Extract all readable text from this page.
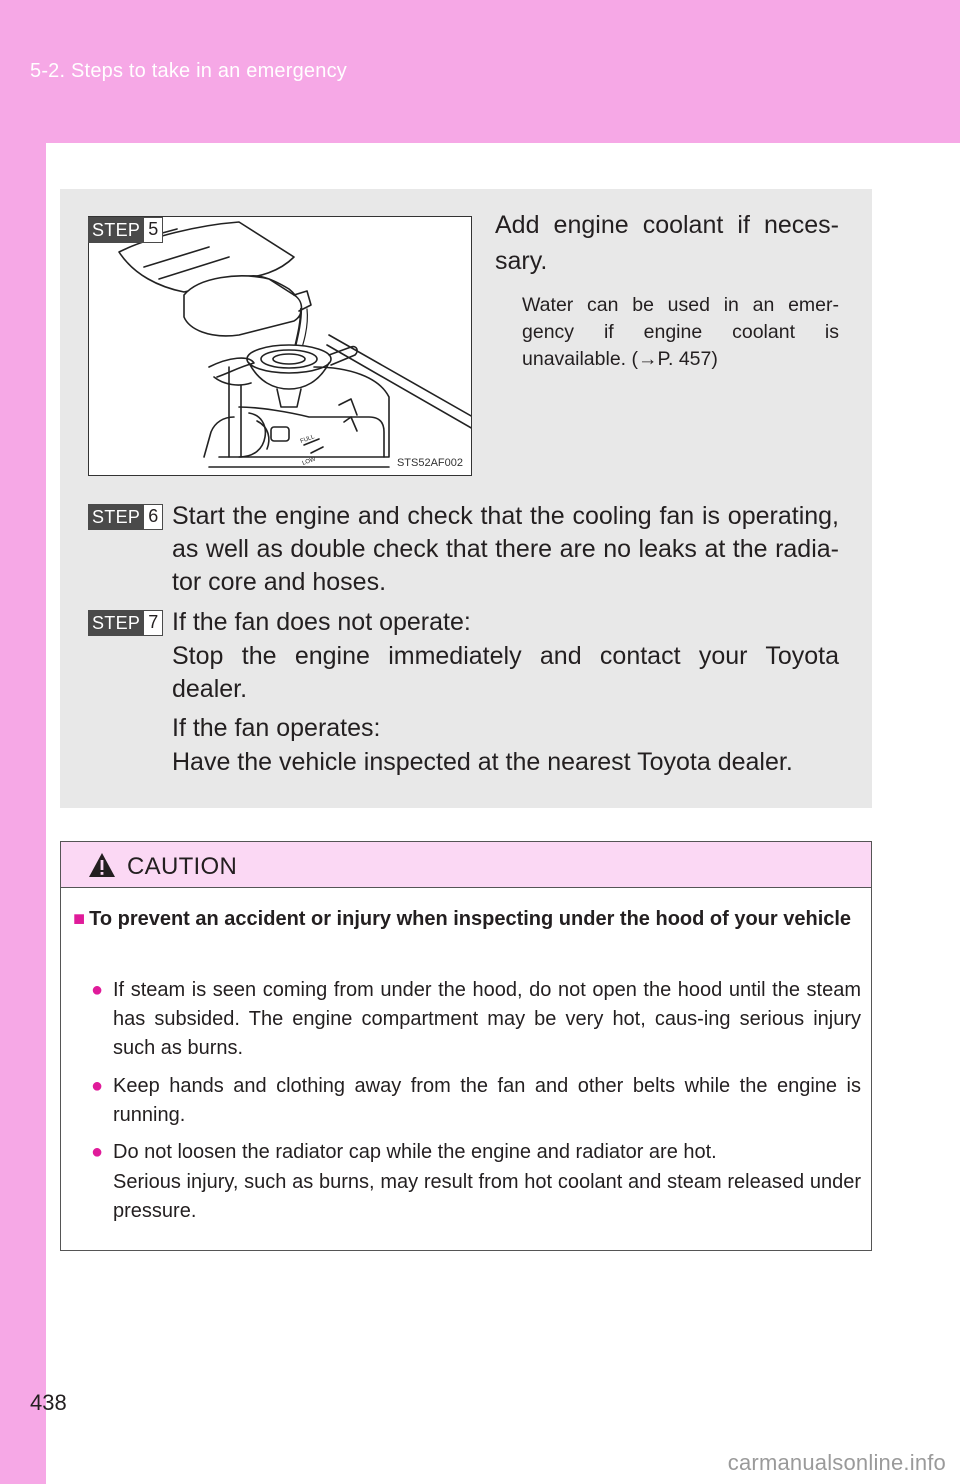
5-2. Steps to take in an emergency
FULL
LOW	STS52AF002
STEP 5	Add engine coolant if neces-sary.
Water can be used in an emer-gency if engine coolant is unavailable. (→P. 457)
STEP 6 Start the engine and check that the cooling fan is operating, as well as double check that there are no leaks at the radia-tor core and hoses.
STEP 7 If the fan does not operate:
Stop the engine immediately and contact your Toyota dealer.
If the fan operates:
Have the vehicle inspected at the nearest Toyota dealer.
CAUTION
■ To prevent an accident or injury when inspecting under the hood of your vehicle
● If steam is seen coming from under the hood, do not open the hood until the steam has subsided. The engine compartment may be very hot, caus-ing serious injury such as burns.
● Keep hands and clothing away from the fan and other belts while the engine is running.
● Do not loosen the radiator cap while the engine and radiator are hot.
Serious injury, such as burns, may result from hot coolant and steam released under pressure.
438
carmanualsonline.info
